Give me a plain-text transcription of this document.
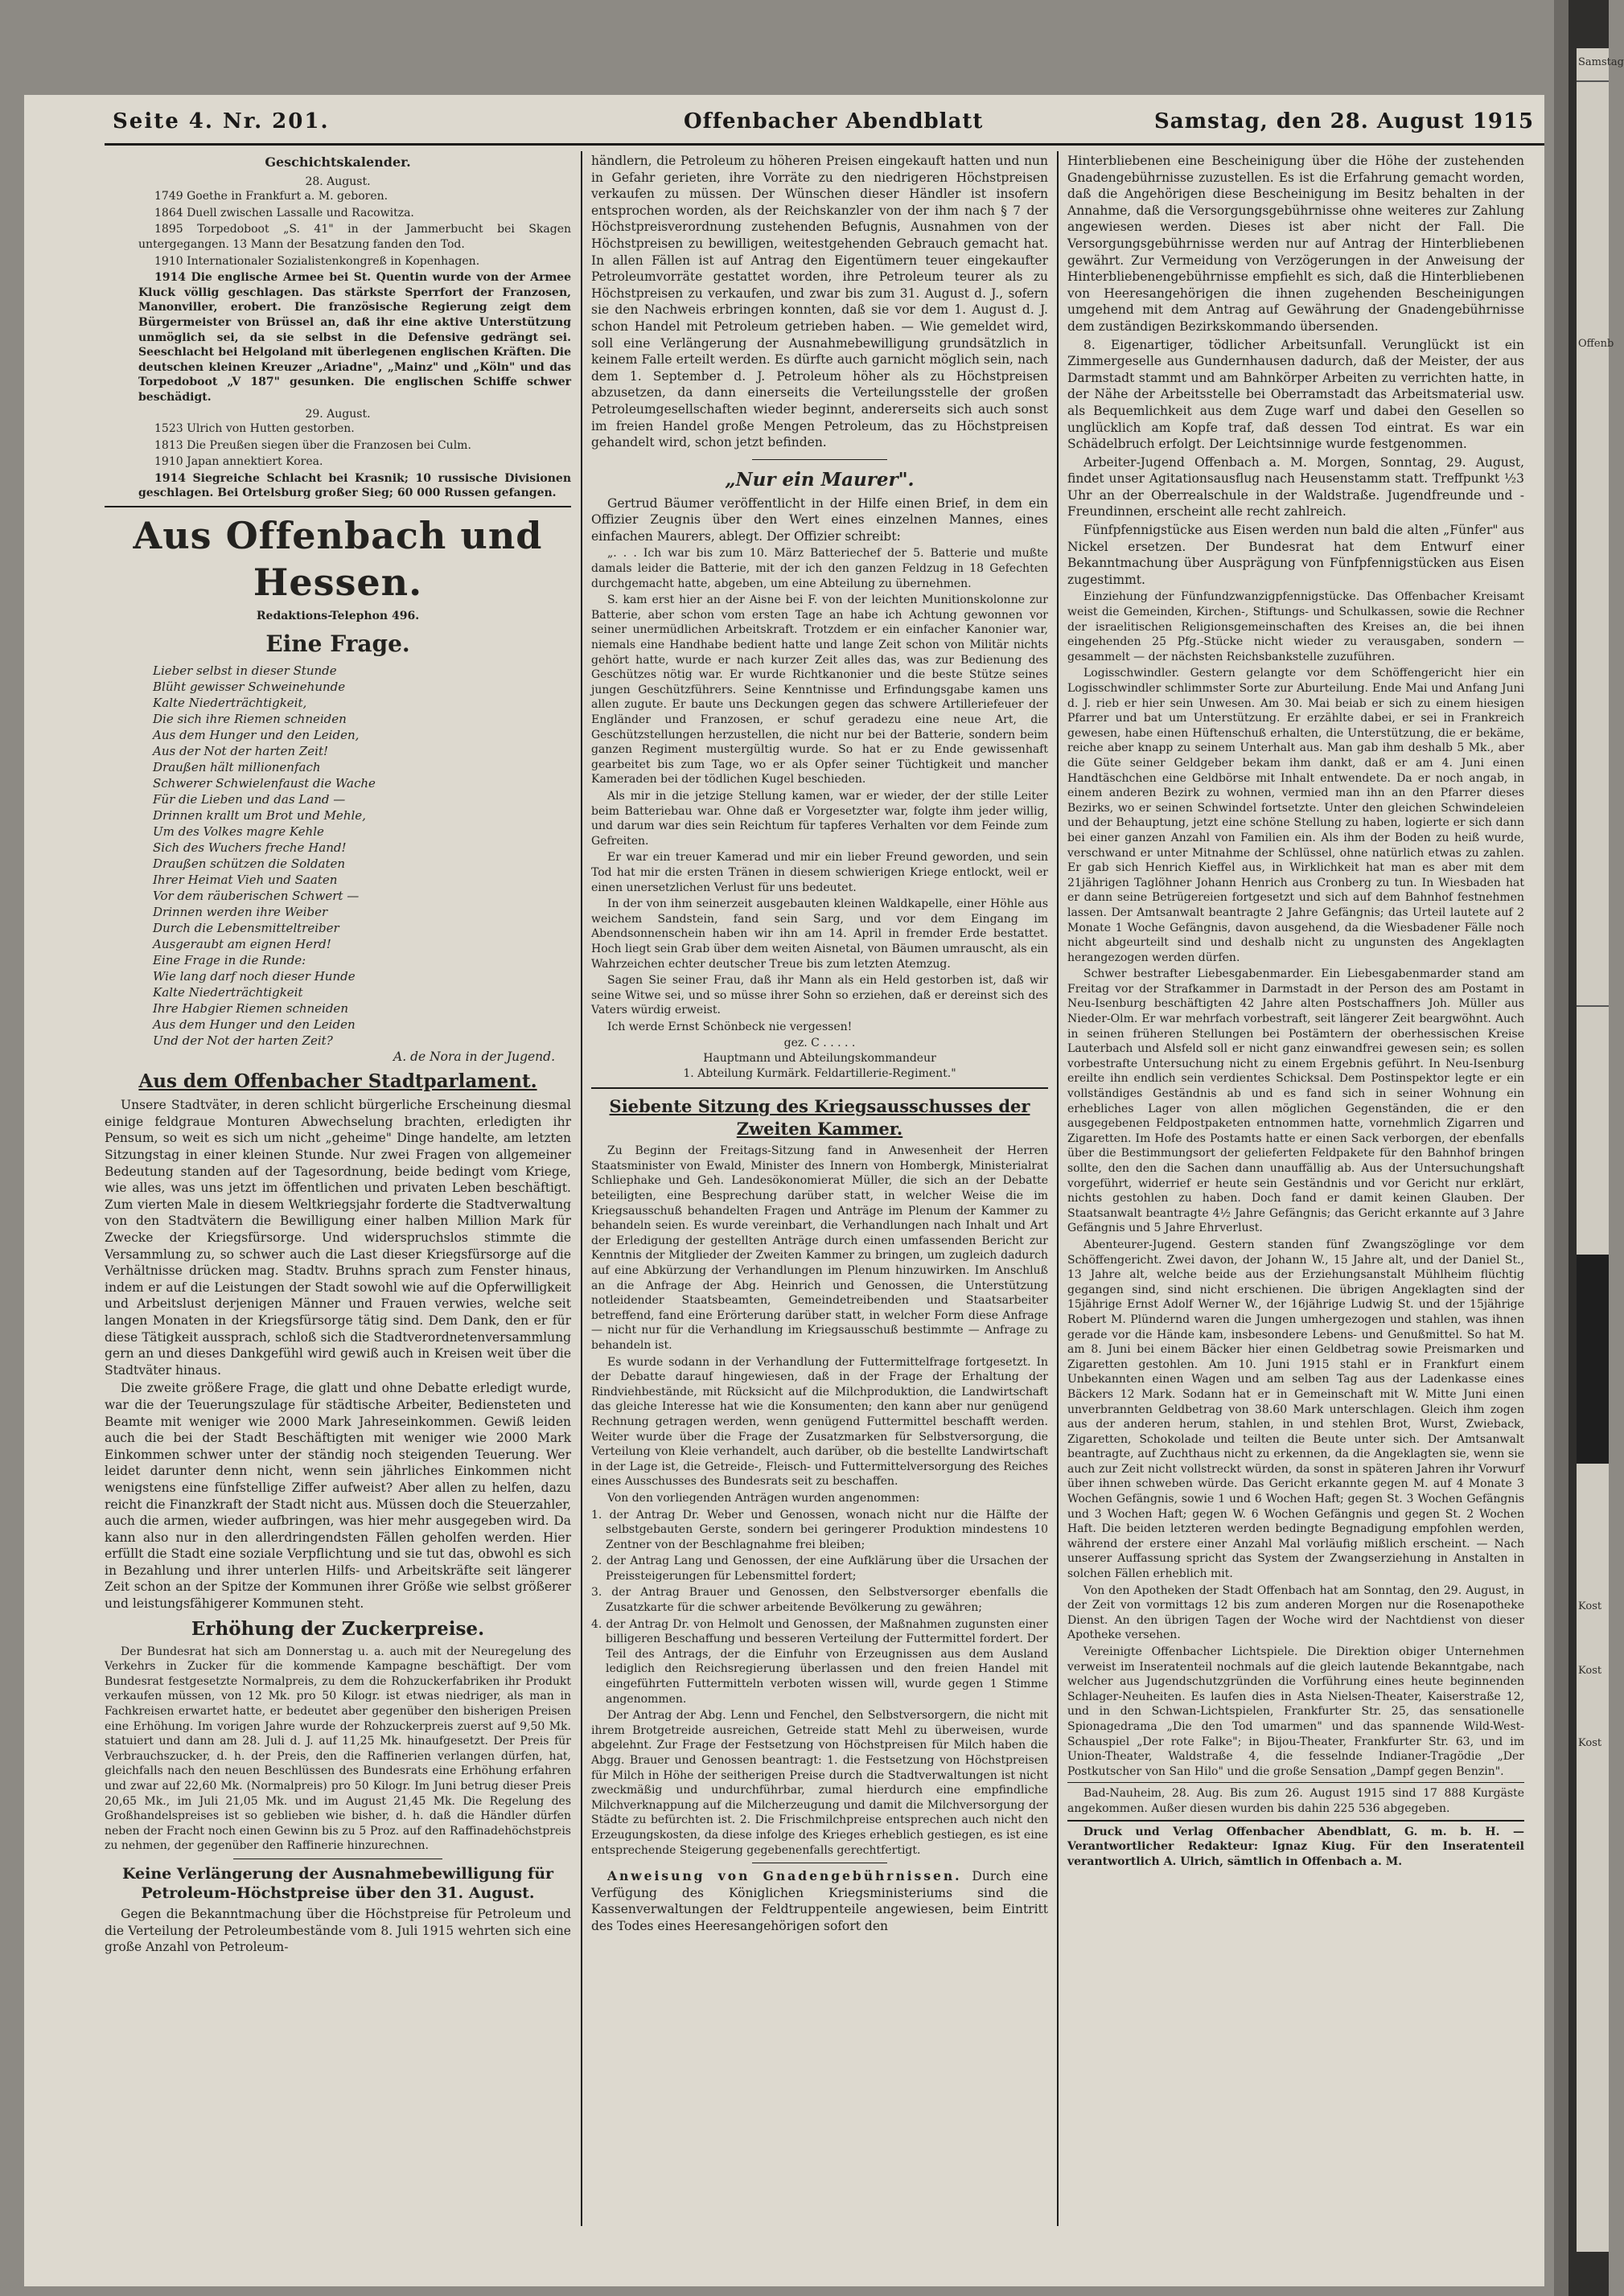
Samstag
Offenb
Kost
Kost
Kost
Seite 4. Nr. 201.	Offenbacher Abendblatt	Samstag, den 28. August 1915
Geschichtskalender.
28. August.

1749 Goethe in Frankfurt a. M. geboren.

1864 Duell zwischen Lassalle und Racowitza.

1895 Torpedoboot „S. 41" in der Jammerbucht bei Skagen untergegangen. 13 Mann der Besatzung fanden den Tod.

1910 Internationaler Sozialistenkongreß in Kopenhagen.

1914 Die englische Armee bei St. Quentin wurde von der Armee Kluck völlig geschlagen. Das stärkste Sperrfort der Franzosen, Manonviller, erobert. Die französische Regierung zeigt dem Bürgermeister von Brüssel an, daß ihr eine aktive Unterstützung unmöglich sei, da sie selbst in die Defensive gedrängt sei. Seeschlacht bei Helgoland mit überlegenen englischen Kräften. Die deutschen kleinen Kreuzer „Ariadne", „Mainz" und „Köln" und das Torpedoboot „V 187" gesunken. Die englischen Schiffe schwer beschädigt.

29. August.

1523 Ulrich von Hutten gestorben.

1813 Die Preußen siegen über die Franzosen bei Culm.

1910 Japan annektiert Korea.

1914 Siegreiche Schlacht bei Krasnik; 10 russische Divisionen geschlagen. Bei Ortelsburg großer Sieg; 60 000 Russen gefangen.

Aus Offenbach und Hessen.
Redaktions-Telephon 496.
Eine Frage.
Lieber selbst in dieser Stunde
Blüht gewisser Schweinehunde
Kalte Niederträchtigkeit,
Die sich ihre Riemen schneiden
Aus dem Hunger und den Leiden,
Aus der Not der harten Zeit!
Draußen hält millionenfach
Schwerer Schwielenfaust die Wache
Für die Lieben und das Land —
Drinnen krallt um Brot und Mehle,
Um des Volkes magre Kehle
Sich des Wuchers freche Hand!
Draußen schützen die Soldaten
Ihrer Heimat Vieh und Saaten
Vor dem räuberischen Schwert —
Drinnen werden ihre Weiber
Durch die Lebensmitteltreiber
Ausgeraubt am eignen Herd!
Eine Frage in die Runde:
Wie lang darf noch dieser Hunde
Kalte Niederträchtigkeit
Ihre Habgier Riemen schneiden
Aus dem Hunger und den Leiden
Und der Not der harten Zeit?
A. de Nora in der Jugend.
Aus dem Offenbacher Stadtparlament.

Unsere Stadtväter, in deren schlicht bürgerliche Erscheinung diesmal einige feldgraue Monturen Abwechselung brachten, erledigten ihr Pensum, so weit es sich um nicht „geheime" Dinge handelte, am letzten Sitzungstag in einer kleinen Stunde. Nur zwei Fragen von allgemeiner Bedeutung standen auf der Tagesordnung, beide bedingt vom Kriege, wie alles, was uns jetzt im öffentlichen und privaten Leben beschäftigt. Zum vierten Male in diesem Weltkriegsjahr forderte die Stadtverwaltung von den Stadtvätern die Bewilligung einer halben Million Mark für Zwecke der Kriegsfürsorge. Und widerspruchslos stimmte die Versammlung zu, so schwer auch die Last dieser Kriegsfürsorge auf die Verhältnisse drücken mag. Stadtv. Bruhns sprach zum Fenster hinaus, indem er auf die Leistungen der Stadt sowohl wie auf die Opferwilligkeit und Arbeitslust derjenigen Männer und Frauen verwies, welche seit langen Monaten in der Kriegsfürsorge tätig sind. Dem Dank, den er für diese Tätigkeit aussprach, schloß sich die Stadtverordnetenversammlung gern an und dieses Dankgefühl wird gewiß auch in Kreisen weit über die Stadtväter hinaus.

Die zweite größere Frage, die glatt und ohne Debatte erledigt wurde, war die der Teuerungszulage für städtische Arbeiter, Bediensteten und Beamte mit weniger wie 2000 Mark Jahreseinkommen. Gewiß leiden auch die bei der Stadt Beschäftigten mit weniger wie 2000 Mark Einkommen schwer unter der ständig noch steigenden Teuerung. Wer leidet darunter denn nicht, wenn sein jährliches Einkommen nicht wenigstens eine fünfstellige Ziffer aufweist? Aber allen zu helfen, dazu reicht die Finanzkraft der Stadt nicht aus. Müssen doch die Steuerzahler, auch die armen, wieder aufbringen, was hier mehr ausgegeben wird. Da kann also nur in den allerdringendsten Fällen geholfen werden. Hier erfüllt die Stadt eine soziale Verpflichtung und sie tut das, obwohl es sich in Bezahlung und ihrer unterlen Hilfs- und Arbeitskräfte seit längerer Zeit schon an der Spitze der Kommunen ihrer Größe wie selbst größerer und leistungsfähigerer Kommunen steht.

Erhöhung der Zuckerpreise.

Der Bundesrat hat sich am Donnerstag u. a. auch mit der Neuregelung des Verkehrs in Zucker für die kommende Kampagne beschäftigt. Der vom Bundesrat festgesetzte Normalpreis, zu dem die Rohzuckerfabriken ihr Produkt verkaufen müssen, von 12 Mk. pro 50 Kilogr. ist etwas niedriger, als man in Fachkreisen erwartet hatte, er bedeutet aber gegenüber den bisherigen Preisen eine Erhöhung. Im vorigen Jahre wurde der Rohzuckerpreis zuerst auf 9,50 Mk. statuiert und dann am 28. Juli d. J. auf 11,25 Mk. hinaufgesetzt. Der Preis für Verbrauchszucker, d. h. der Preis, den die Raffinerien verlangen dürfen, hat, gleichfalls nach den neuen Beschlüssen des Bundesrats eine Erhöhung erfahren und zwar auf 22,60 Mk. (Normalpreis) pro 50 Kilogr. Im Juni betrug dieser Preis 20,65 Mk., im Juli 21,05 Mk. und im August 21,45 Mk. Die Regelung des Großhandelspreises ist so geblieben wie bisher, d. h. daß die Händler dürfen neben der Fracht noch einen Gewinn bis zu 5 Proz. auf den Raffinadehöchstpreis zu nehmen, der gegenüber den Raffinerie hinzurechnen.

Keine Verlängerung der Ausnahmebewilligung für Petroleum-Höchstpreise über den 31. August.

Gegen die Bekanntmachung über die Höchstpreise für Petroleum und die Verteilung der Petroleumbestände vom 8. Juli 1915 wehrten sich eine große Anzahl von Petroleum-

händlern, die Petroleum zu höheren Preisen eingekauft hatten und nun in Gefahr gerieten, ihre Vorräte zu den niedrigeren Höchstpreisen verkaufen zu müssen. Der Wünschen dieser Händler ist insofern entsprochen worden, als der Reichskanzler von der ihm nach § 7 der Höchstpreisverordnung zustehenden Befugnis, Ausnahmen von der Höchstpreisen zu bewilligen, weitestgehenden Gebrauch gemacht hat. In allen Fällen ist auf Antrag den Eigentümern teuer eingekaufter Petroleumvorräte gestattet worden, ihre Petroleum teurer als zu Höchstpreisen zu verkaufen, und zwar bis zum 31. August d. J., sofern sie den Nachweis erbringen konnten, daß sie vor dem 1. August d. J. schon Handel mit Petroleum getrieben haben. — Wie gemeldet wird, soll eine Verlängerung der Ausnahmebewilligung grundsätzlich in keinem Falle erteilt werden. Es dürfte auch garnicht möglich sein, nach dem 1. September d. J. Petroleum höher als zu Höchstpreisen abzusetzen, da dann einerseits die Verteilungsstelle der großen Petroleumgesellschaften wieder beginnt, andererseits sich auch sonst im freien Handel große Mengen Petroleum, das zu Höchstpreisen gehandelt wird, schon jetzt befinden.

„Nur ein Maurer".

Gertrud Bäumer veröffentlicht in der Hilfe einen Brief, in dem ein Offizier Zeugnis über den Wert eines einzelnen Mannes, eines einfachen Maurers, ablegt. Der Offizier schreibt:

„. . . Ich war bis zum 10. März Batteriechef der 5. Batterie und mußte damals leider die Batterie, mit der ich den ganzen Feldzug in 18 Gefechten durchgemacht hatte, abgeben, um eine Abteilung zu übernehmen.

S. kam erst hier an der Aisne bei F. von der leichten Munitionskolonne zur Batterie, aber schon vom ersten Tage an habe ich Achtung gewonnen vor seiner unermüdlichen Arbeitskraft. Trotzdem er ein einfacher Kanonier war, niemals eine Handhabe bedient hatte und lange Zeit schon von Militär nichts gehört hatte, wurde er nach kurzer Zeit alles das, was zur Bedienung des Geschützes nötig war. Er wurde Richtkanonier und die beste Stütze seines jungen Geschützführers. Seine Kenntnisse und Erfindungsgabe kamen uns allen zugute. Er baute uns Deckungen gegen das schwere Artilleriefeuer der Engländer und Franzosen, er schuf geradezu eine neue Art, die Geschützstellungen herzustellen, die nicht nur bei der Batterie, sondern beim ganzen Regiment mustergültig wurde. So hat er zu Ende gewissenhaft gearbeitet bis zum Tage, wo er als Opfer seiner Tüchtigkeit und mancher Kameraden bei der tödlichen Kugel beschieden.

Als mir in die jetzige Stellung kamen, war er wieder, der der stille Leiter beim Batteriebau war. Ohne daß er Vorgesetzter war, folgte ihm jeder willig, und darum war dies sein Reichtum für tapferes Verhalten vor dem Feinde zum Gefreiten.

Er war ein treuer Kamerad und mir ein lieber Freund geworden, und sein Tod hat mir die ersten Tränen in diesem schwierigen Kriege entlockt, weil er einen unersetzlichen Verlust für uns bedeutet.

In der von ihm seinerzeit ausgebauten kleinen Waldkapelle, einer Höhle aus weichem Sandstein, fand sein Sarg, und vor dem Eingang im Abendsonnenschein haben wir ihn am 14. April in fremder Erde bestattet. Hoch liegt sein Grab über dem weiten Aisnetal, von Bäumen umrauscht, als ein Wahrzeichen echter deutscher Treue bis zum letzten Atemzug.

Sagen Sie seiner Frau, daß ihr Mann als ein Held gestorben ist, daß wir seine Witwe sei, und so müsse ihrer Sohn so erziehen, daß er dereinst sich des Vaters würdig erweist.

Ich werde Ernst Schönbeck nie vergessen!

gez. C . . . . .
Hauptmann und Abteilungskommandeur
1. Abteilung Kurmärk. Feldartillerie-Regiment."
Siebente Sitzung des Kriegsausschusses der Zweiten Kammer.

Zu Beginn der Freitags-Sitzung fand in Anwesenheit der Herren Staatsminister von Ewald, Minister des Innern von Hombergk, Ministerialrat Schliephake und Geh. Landesökonomierat Müller, die sich an der Debatte beteiligten, eine Besprechung darüber statt, in welcher Weise die im Kriegsausschuß behandelten Fragen und Anträge im Plenum der Kammer zu behandeln seien. Es wurde vereinbart, die Verhandlungen nach Inhalt und Art der Erledigung der gestellten Anträge durch einen umfassenden Bericht zur Kenntnis der Mitglieder der Zweiten Kammer zu bringen, um zugleich dadurch auf eine Abkürzung der Verhandlungen im Plenum hinzuwirken. Im Anschluß an die Anfrage der Abg. Heinrich und Genossen, die Unterstützung notleidender Staatsbeamten, Gemeindetreibenden und Staatsarbeiter betreffend, fand eine Erörterung darüber statt, in welcher Form diese Anfrage — nicht nur für die Verhandlung im Kriegsausschuß bestimmte — Anfrage zu behandeln ist.

Es wurde sodann in der Verhandlung der Futtermittelfrage fortgesetzt. In der Debatte darauf hingewiesen, daß in der Frage der Erhaltung der Rindviehbestände, mit Rücksicht auf die Milchproduktion, die Landwirtschaft das gleiche Interesse hat wie die Konsumenten; den kann aber nur genügend Rechnung getragen werden, wenn genügend Futtermittel beschafft werden. Weiter wurde über die Frage der Zusatzmarken für Selbstversorgung, die Verteilung von Kleie verhandelt, auch darüber, ob die bestellte Landwirtschaft in der Lage ist, die Getreide-, Fleisch- und Futtermittelversorgung des Reiches eines Ausschusses des Bundesrats seit zu beschaffen.

Von den vorliegenden Anträgen wurden angenommen:

1. der Antrag Dr. Weber und Genossen, wonach nicht nur die Hälfte der selbstgebauten Gerste, sondern bei geringerer Produktion mindestens 10 Zentner von der Beschlagnahme frei bleiben;

2. der Antrag Lang und Genossen, der eine Aufklärung über die Ursachen der Preissteigerungen für Lebensmittel fordert;

3. der Antrag Brauer und Genossen, den Selbstversorger ebenfalls die Zusatzkarte für die schwer arbeitende Bevölkerung zu gewähren;

4. der Antrag Dr. von Helmolt und Genossen, der Maßnahmen zugunsten einer billigeren Beschaffung und besseren Verteilung der Futtermittel fordert. Der Teil des Antrags, der die Einfuhr von Erzeugnissen aus dem Ausland lediglich den Reichsregierung überlassen und den freien Handel mit eingeführten Futtermitteln verboten wissen will, wurde gegen 1 Stimme angenommen.

Der Antrag der Abg. Lenn und Fenchel, den Selbstversorgern, die nicht mit ihrem Brotgetreide ausreichen, Getreide statt Mehl zu überweisen, wurde abgelehnt. Zur Frage der Festsetzung von Höchstpreisen für Milch haben die Abgg. Brauer und Genossen beantragt: 1. die Festsetzung von Höchstpreisen für Milch in Höhe der seitherigen Preise durch die Stadtverwaltungen ist nicht zweckmäßig und undurchführbar, zumal hierdurch eine empfindliche Milchverknappung auf die Milcherzeugung und damit die Milchversorgung der Städte zu befürchten ist. 2. Die Frischmilchpreise entsprechen auch nicht den Erzeugungskosten, da diese infolge des Krieges erheblich gestiegen, es ist eine entsprechende Steigerung gegebenenfalls gerechtfertigt.

Anweisung von Gnadengebührnissen. Durch eine Verfügung des Königlichen Kriegsministeriums sind die Kassenverwaltungen der Feldtruppenteile angewiesen, beim Eintritt des Todes eines Heeresangehörigen sofort den

Hinterbliebenen eine Bescheinigung über die Höhe der zustehenden Gnadengebührnisse zuzustellen. Es ist die Erfahrung gemacht worden, daß die Angehörigen diese Bescheinigung im Besitz behalten in der Annahme, daß die Versorgungsgebührnisse ohne weiteres zur Zahlung angewiesen werden. Dieses ist aber nicht der Fall. Die Versorgungsgebührnisse werden nur auf Antrag der Hinterbliebenen gewährt. Zur Vermeidung von Verzögerungen in der Anweisung der Hinterbliebenengebührnisse empfiehlt es sich, daß die Hinterbliebenen von Heeresangehörigen die ihnen zugehenden Bescheinigungen umgehend mit dem Antrag auf Gewährung der Gnadengebührnisse dem zuständigen Bezirkskommando übersenden.

8. Eigenartiger, tödlicher Arbeitsunfall. Verunglückt ist ein Zimmergeselle aus Gundernhausen dadurch, daß der Meister, der aus Darmstadt stammt und am Bahnkörper Arbeiten zu verrichten hatte, in der Nähe der Arbeitsstelle bei Oberramstadt das Arbeitsmaterial usw. als Bequemlichkeit aus dem Zuge warf und dabei den Gesellen so unglücklich am Kopfe traf, daß dessen Tod eintrat. Es war ein Schädelbruch erfolgt. Der Leichtsinnige wurde festgenommen.

Arbeiter-Jugend Offenbach a. M. Morgen, Sonntag, 29. August, findet unser Agitationsausflug nach Heusenstamm statt. Treffpunkt ½3 Uhr an der Oberrealschule in der Waldstraße. Jugendfreunde und -Freundinnen, erscheint alle recht zahlreich.

Fünfpfennigstücke aus Eisen werden nun bald die alten „Fünfer" aus Nickel ersetzen. Der Bundesrat hat dem Entwurf einer Bekanntmachung über Ausprägung von Fünfpfennigstücken aus Eisen zugestimmt.

Einziehung der Fünfundzwanzigpfennigstücke. Das Offenbacher Kreisamt weist die Gemeinden, Kirchen-, Stiftungs- und Schulkassen, sowie die Rechner der israelitischen Religionsgemeinschaften des Kreises an, die bei ihnen eingehenden 25 Pfg.-Stücke nicht wieder zu verausgaben, sondern — gesammelt — der nächsten Reichsbankstelle zuzuführen.

Logisschwindler. Gestern gelangte vor dem Schöffengericht hier ein Logisschwindler schlimmster Sorte zur Aburteilung. Ende Mai und Anfang Juni d. J. rieb er hier sein Unwesen. Am 30. Mai beiab er sich zu einem hiesigen Pfarrer und bat um Unterstützung. Er erzählte dabei, er sei in Frankreich gewesen, habe einen Hüftenschuß erhalten, die Unterstützung, die er bekäme, reiche aber knapp zu seinem Unterhalt aus. Man gab ihm deshalb 5 Mk., aber die Güte seiner Geldgeber bekam ihm dankt, daß er am 4. Juni einen Handtäschchen eine Geldbörse mit Inhalt entwendete. Da er noch angab, in einem anderen Bezirk zu wohnen, vermied man ihn an den Pfarrer dieses Bezirks, wo er seinen Schwindel fortsetzte. Unter den gleichen Schwindeleien und der Behauptung, jetzt eine schöne Stellung zu haben, logierte er sich dann bei einer ganzen Anzahl von Familien ein. Als ihm der Boden zu heiß wurde, verschwand er unter Mitnahme der Schlüssel, ohne natürlich etwas zu zahlen. Er gab sich Henrich Kieffel aus, in Wirklichkeit hat man es aber mit dem 21jährigen Taglöhner Johann Henrich aus Cronberg zu tun. In Wiesbaden hat er dann seine Betrügereien fortgesetzt und sich auf dem Bahnhof festnehmen lassen. Der Amtsanwalt beantragte 2 Jahre Gefängnis; das Urteil lautete auf 2 Monate 1 Woche Gefängnis, davon ausgehend, da die Wiesbadener Fälle noch nicht abgeurteilt sind und deshalb nicht zu ungunsten des Angeklagten herangezogen werden dürfen.

Schwer bestrafter Liebesgabenmarder. Ein Liebesgabenmarder stand am Freitag vor der Strafkammer in Darmstadt in der Person des am Postamt in Neu-Isenburg beschäftigten 42 Jahre alten Postschaffners Joh. Müller aus Nieder-Olm. Er war mehrfach vorbestraft, seit längerer Zeit beargwöhnt. Auch in seinen früheren Stellungen bei Postämtern der oberhessischen Kreise Lauterbach und Alsfeld soll er nicht ganz einwandfrei gewesen sein; es sollen vorbestrafte Untersuchung nicht zu einem Ergebnis geführt. In Neu-Isenburg ereilte ihn endlich sein verdientes Schicksal. Dem Postinspektor legte er ein vollständiges Geständnis ab und es fand sich in seiner Wohnung ein erhebliches Lager von allen möglichen Gegenständen, die er den ausgegebenen Feldpostpaketen entnommen hatte, vornehmlich Zigarren und Zigaretten. Im Hofe des Postamts hatte er einen Sack verborgen, der ebenfalls über die Bestimmungsort der gelieferten Feldpakete für den Bahnhof bringen sollte, den den die Sachen dann unauffällig ab. Aus der Untersuchungshaft vorgeführt, widerrief er heute sein Geständnis und vor Gericht nur erklärt, nichts gestohlen zu haben. Doch fand er damit keinen Glauben. Der Staatsanwalt beantragte 4½ Jahre Gefängnis; das Gericht erkannte auf 3 Jahre Gefängnis und 5 Jahre Ehrverlust.

Abenteurer-Jugend. Gestern standen fünf Zwangszöglinge vor dem Schöffengericht. Zwei davon, der Johann W., 15 Jahre alt, und der Daniel St., 13 Jahre alt, welche beide aus der Erziehungsanstalt Mühlheim flüchtig gegangen sind, sind nicht erschienen. Die übrigen Angeklagten sind der 15jährige Ernst Adolf Werner W., der 16jährige Ludwig St. und der 15jährige Robert M. Plündernd waren die Jungen umhergezogen und stahlen, was ihnen gerade vor die Hände kam, insbesondere Lebens- und Genußmittel. So hat M. am 8. Juni bei einem Bäcker hier einen Geldbetrag sowie Preismarken und Zigaretten gestohlen. Am 10. Juni 1915 stahl er in Frankfurt einem Unbekannten einen Wagen und am selben Tag aus der Ladenkasse eines Bäckers 12 Mark. Sodann hat er in Gemeinschaft mit W. Mitte Juni einen unverbrannten Geldbetrag von 38.60 Mark unterschlagen. Gleich ihm zogen aus der anderen herum, stahlen, in und stehlen Brot, Wurst, Zwieback, Zigaretten, Schokolade und teilten die Beute unter sich. Der Amtsanwalt beantragte, auf Zuchthaus nicht zu erkennen, da die Angeklagten sie, wenn sie auch zur Zeit nicht vollstreckt würden, da sonst in späteren Jahren ihr Vorwurf über ihnen schweben würde. Das Gericht erkannte gegen M. auf 4 Monate 3 Wochen Gefängnis, sowie 1 und 6 Wochen Haft; gegen St. 3 Wochen Gefängnis und 3 Wochen Haft; gegen W. 6 Wochen Gefängnis und gegen St. 2 Wochen Haft. Die beiden letzteren werden bedingte Begnadigung empfohlen werden, während der erstere einer Anzahl Mal vorläufig mißlich erscheint. — Nach unserer Auffassung spricht das System der Zwangserziehung in Anstalten in solchen Fällen erheblich mit.

Von den Apotheken der Stadt Offenbach hat am Sonntag, den 29. August, in der Zeit von vormittags 12 bis zum anderen Morgen nur die Rosenapotheke Dienst. An den übrigen Tagen der Woche wird der Nachtdienst von dieser Apotheke versehen.

Vereinigte Offenbacher Lichtspiele. Die Direktion obiger Unternehmen verweist im Inseratenteil nochmals auf die gleich lautende Bekanntgabe, nach welcher aus Jugendschutzgründen die Vorführung eines heute beginnenden Schlager-Neuheiten. Es laufen dies in Asta Nielsen-Theater, Kaiserstraße 12, und in den Schwan-Lichtspielen, Frankfurter Str. 25, das sensationelle Spionagedrama „Die den Tod umarmen" und das spannende Wild-West-Schauspiel „Der rote Falke"; in Bijou-Theater, Frankfurter Str. 63, und im Union-Theater, Waldstraße 4, die fesselnde Indianer-Tragödie „Der Postkutscher von San Hilo" und die große Sensation „Dampf gegen Benzin".

Bad-Nauheim, 28. Aug. Bis zum 26. August 1915 sind 17 888 Kurgäste angekommen. Außer diesen wurden bis dahin 225 536 abgegeben.

Druck und Verlag Offenbacher Abendblatt, G. m. b. H. — Verantwortlicher Redakteur: Ignaz Kiug. Für den Inseratenteil verantwortlich A. Ulrich, sämtlich in Offenbach a. M.
